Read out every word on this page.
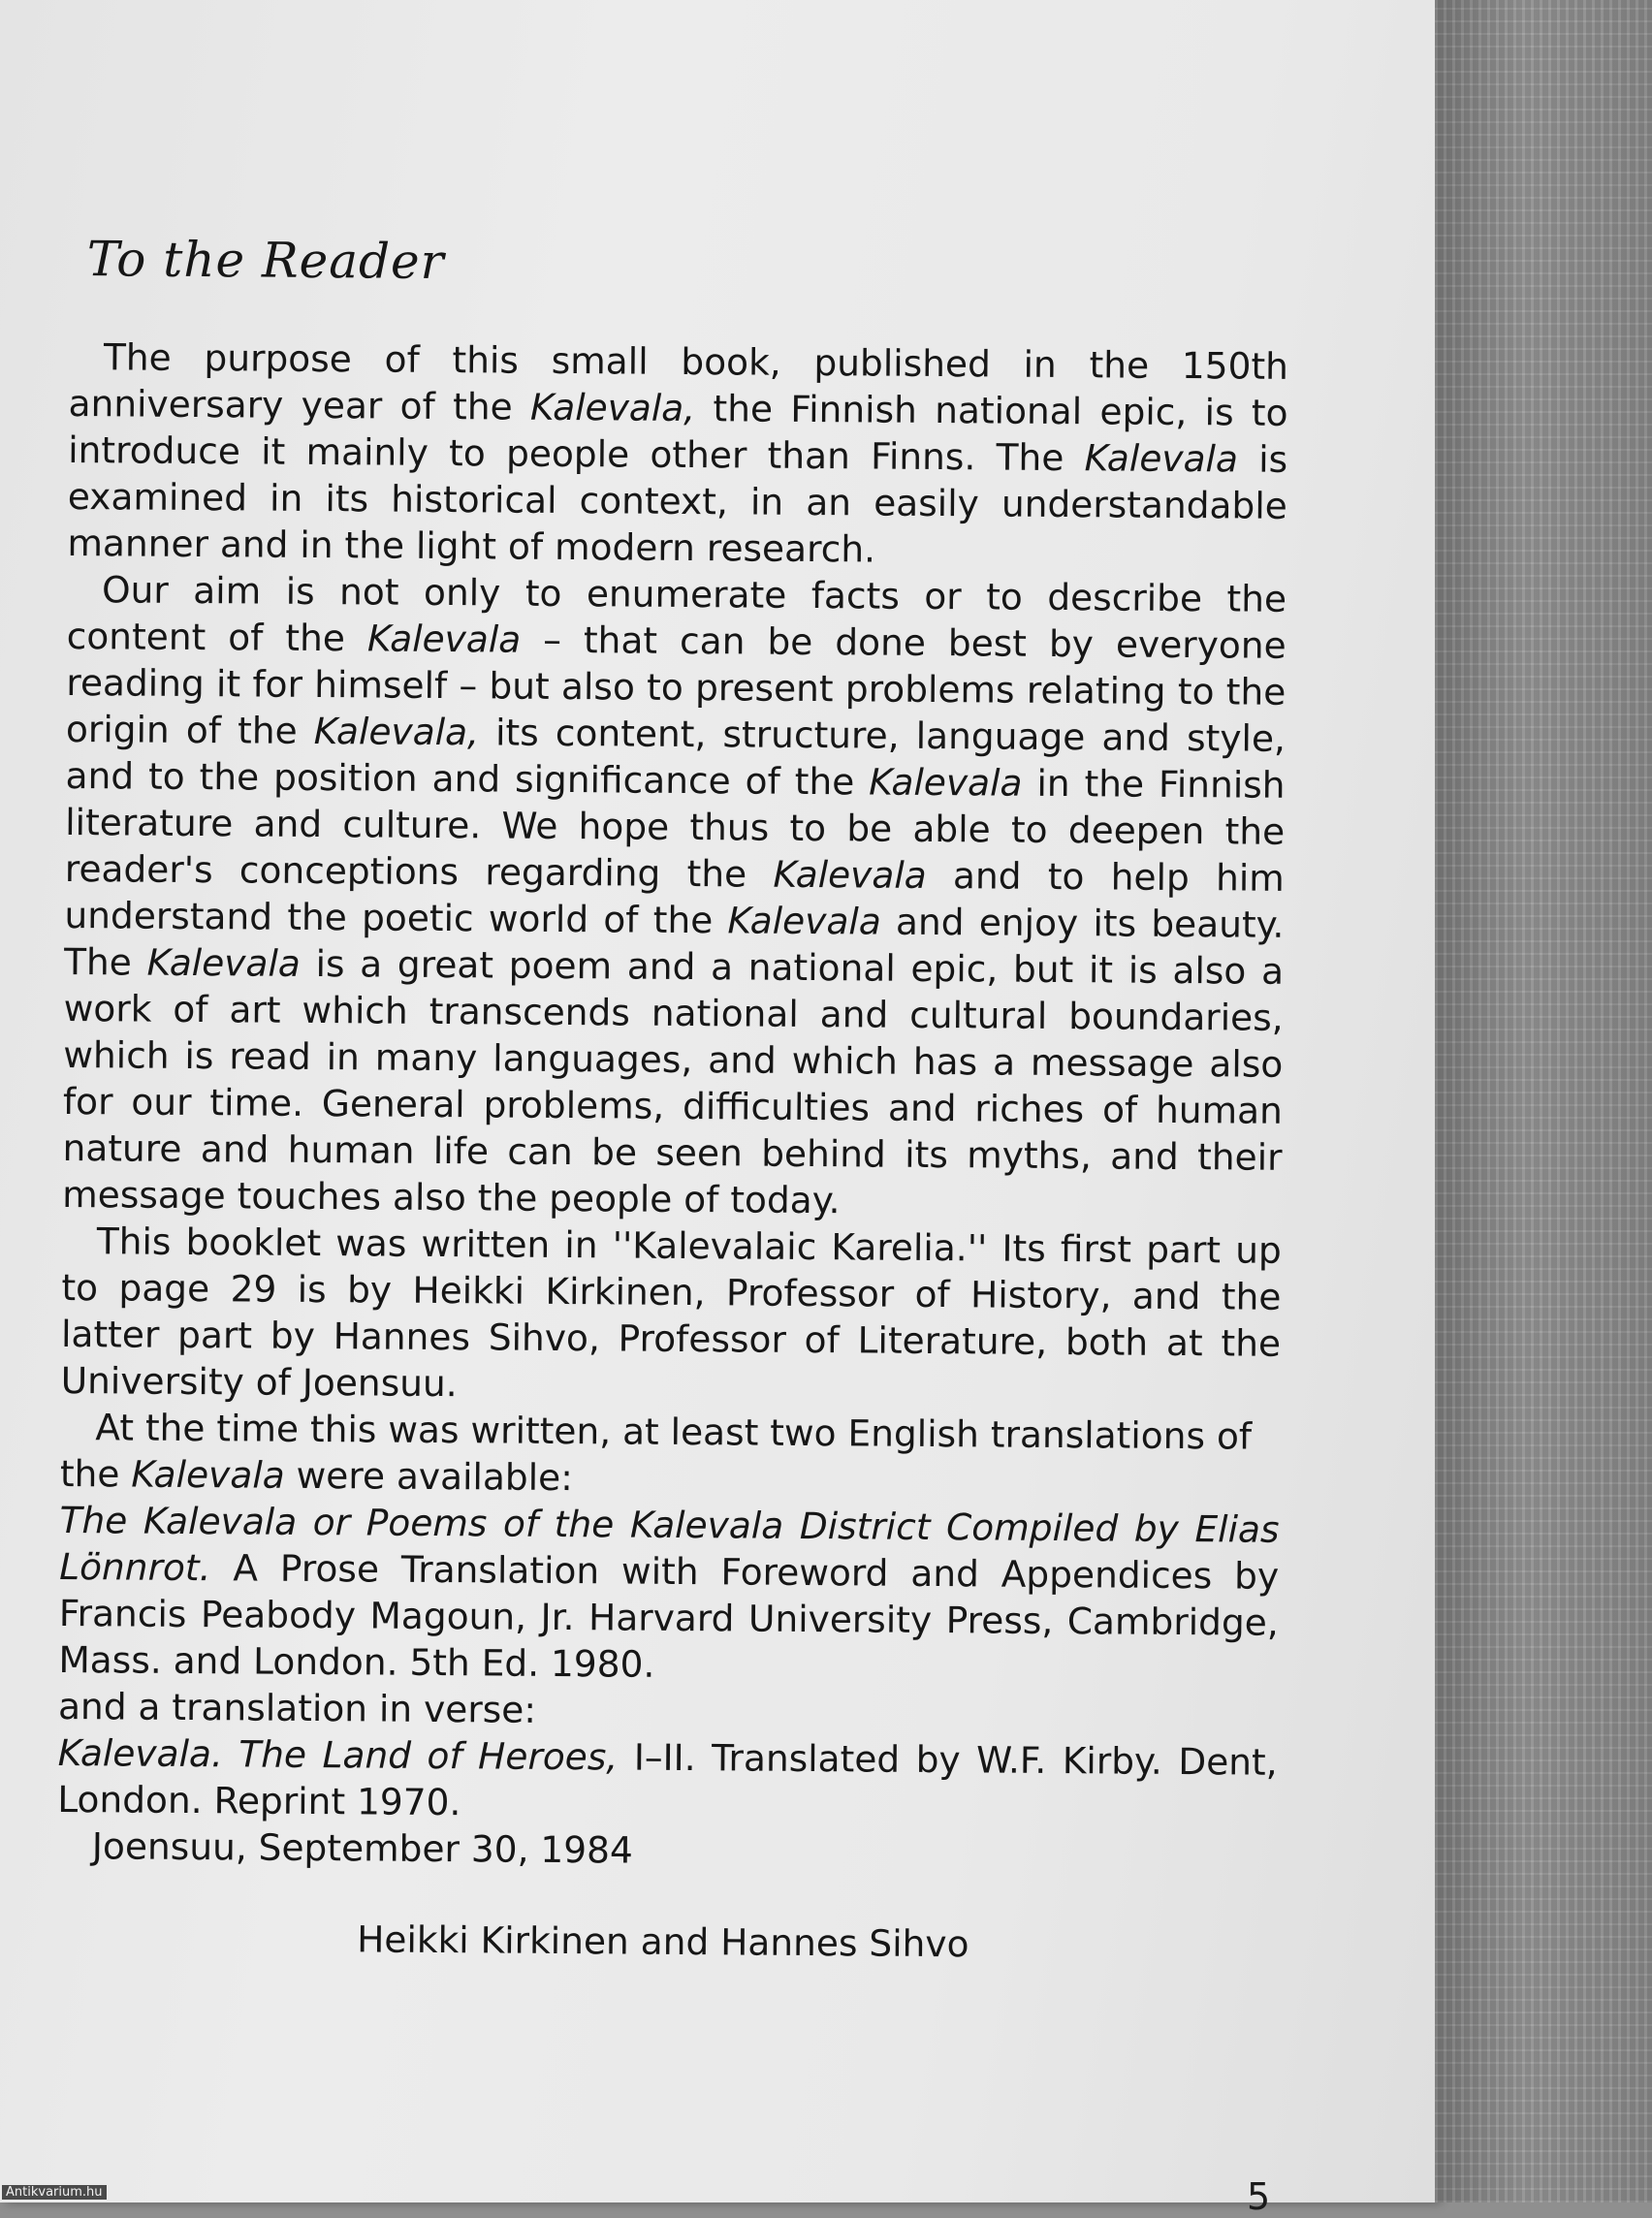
To the Reader

The purpose of this small book, published in the 150th anniversary year of the Kalevala, the Finnish national epic, is to introduce it mainly to people other than Finns. The Kalevala is examined in its historical context, in an easily understandable manner and in the light of modern research.

Our aim is not only to enumerate facts or to describe the content of the Kalevala – that can be done best by everyone reading it for himself – but also to present problems relating to the origin of the Kalevala, its content, structure, language and style, and to the position and significance of the Kalevala in the Finnish literature and culture. We hope thus to be able to deepen the reader's conceptions regarding the Kalevala and to help him understand the poetic world of the Kalevala and enjoy its beauty. The Kalevala is a great poem and a national epic, but it is also a work of art which transcends national and cultural boundaries, which is read in many languages, and which has a message also for our time. General problems, difficulties and riches of human nature and human life can be seen behind its myths, and their message touches also the people of today.

This booklet was written in ''Kalevalaic Karelia.'' Its first part up to page 29 is by Heikki Kirkinen, Professor of History, and the latter part by Hannes Sihvo, Professor of Literature, both at the University of Joensuu.

At the time this was written, at least two English translations of the Kalevala were available:

The Kalevala or Poems of the Kalevala District Compiled by Elias Lönnrot. A Prose Translation with Foreword and Appendices by Francis Peabody Magoun, Jr. Harvard University Press, Cambridge, Mass. and London. 5th Ed. 1980.

and a translation in verse:

Kalevala. The Land of Heroes, I–II. Translated by W.F. Kirby. Dent, London. Reprint 1970.

Joensuu, September 30, 1984

Heikki Kirkinen and Hannes Sihvo

5
Antikvarium.hu
